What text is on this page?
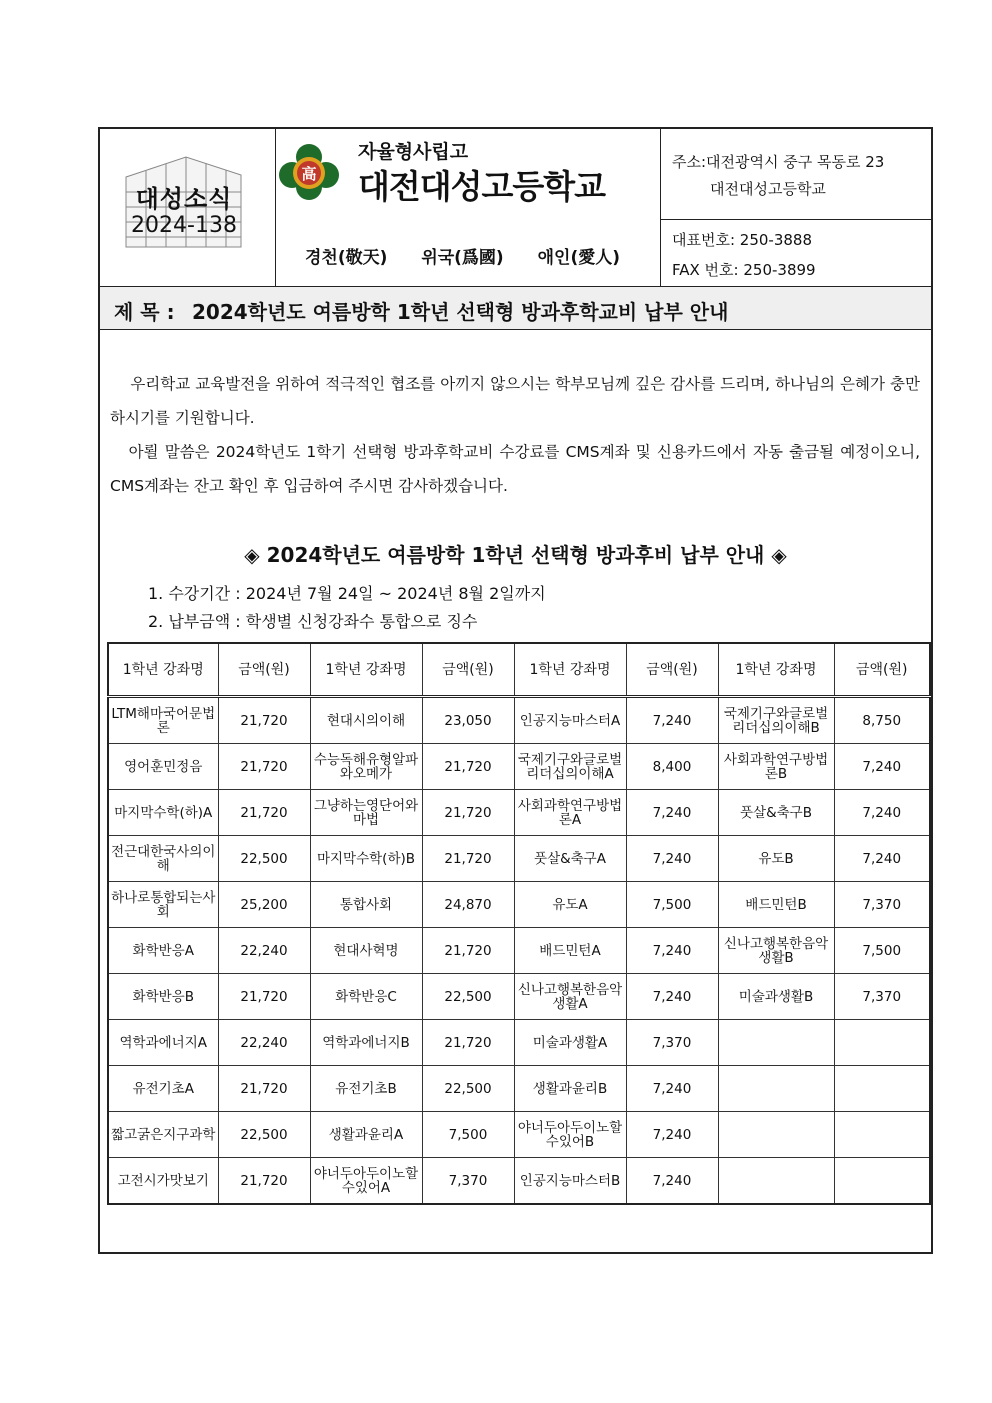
대성소식
2024-138
高
자율형사립고
대전대성고등학교
경천(敬天) 위국(爲國) 애인(愛人)
주소:대전광역시 중구 목동로 23
대전대성고등학교
대표번호: 250-3888
FAX 번호: 250-3899
제 목 : 2024학년도 여름방학 1학년 선택형 방과후학교비 납부 안내
우리학교 교육발전을 위하여 적극적인 협조를 아끼지 않으시는 학부모님께 깊은 감사를 드리며, 하나님의 은혜가 충만하시기를 기원합니다.
아뢸 말씀은 2024학년도 1학기 선택형 방과후학교비 수강료를 CMS계좌 및 신용카드에서 자동 출금될 예정이오니, CMS계좌는 잔고 확인 후 입금하여 주시면 감사하겠습니다.
◈ 2024학년도 여름방학 1학년 선택형 방과후비 납부 안내 ◈
1. 수강기간 : 2024년 7월 24일 ~ 2024년 8월 2일까지
2. 납부금액 : 학생별 신청강좌수 통합으로 징수
1학년 강좌명	금액(원)	1학년 강좌명	금액(원)	1학년 강좌명	금액(원)	1학년 강좌명	금액(원)
LTM해마국어문법론	21,720	현대시의이해	23,050	인공지능마스터A	7,240	국제기구와글로벌리더십의이해B	8,750
영어훈민정음	21,720	수능독해유형알파와오메가	21,720	국제기구와글로벌리더십의이해A	8,400	사회과학연구방법론B	7,240
마지막수학(하)A	21,720	그냥하는영단어와마법	21,720	사회과학연구방법론A	7,240	풋살&축구B	7,240
전근대한국사의이해	22,500	마지막수학(하)B	21,720	풋살&축구A	7,240	유도B	7,240
하나로통합되는사회	25,200	통합사회	24,870	유도A	7,500	배드민턴B	7,370
화학반응A	22,240	현대사혁명	21,720	배드민턴A	7,240	신나고행복한음악생활B	7,500
화학반응B	21,720	화학반응C	22,500	신나고행복한음악생활A	7,240	미술과생활B	7,370
역학과에너지A	22,240	역학과에너지B	21,720	미술과생활A	7,370		
유전기초A	21,720	유전기초B	22,500	생활과윤리B	7,240		
짧고굵은지구과학	22,500	생활과윤리A	7,500	야너두아두이노할수있어B	7,240		
고전시가맛보기	21,720	야너두아두이노할수있어A	7,370	인공지능마스터B	7,240		
